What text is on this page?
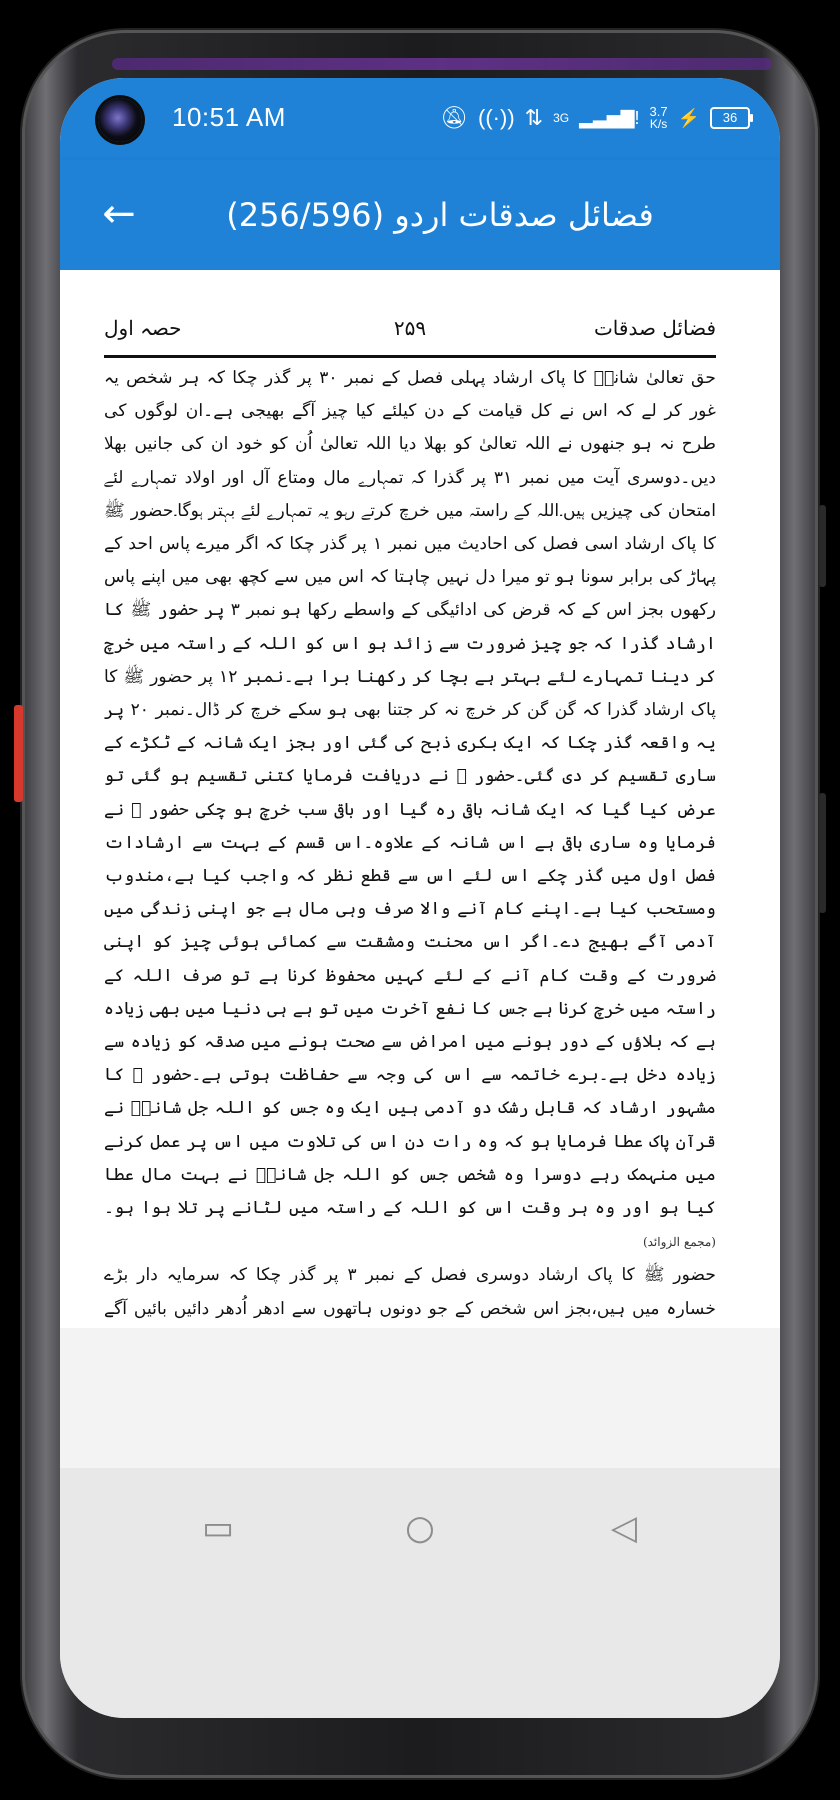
10:51 AM	🔕︎ ((·)) ⇅ 3G ▂▃▅▇! 3.7
K/s ⚡	36
←	فضائل صدقات اردو (256/596)
حصہ اول	۲۵۹	فضائل صدقات

حق تعالیٰ شانہٗ کا پاک ارشاد پہلی فصل کے نمبر ۳۰ پر گذر چکا کہ ہر شخص یہ غور کر لے کہ اس نے کل قیامت کے دن کیلئے کیا چیز آگے بھیجی ہے۔ان لوگوں کی طرح نہ ہو جنھوں نے اللہ تعالیٰ کو بھلا دیا اللہ تعالیٰ اُن کو خود ان کی جانیں بھلا دیں۔دوسری آیت میں نمبر ۳۱ پر گذرا کہ تمہارے مال ومتاع آل اور اولاد تمہارے لئے امتحان کی چیزیں ہیں۔اللہ کے راستہ میں خرچ کرتے رہو یہ تمہارے لئے بہتر ہوگا۔حضور ﷺ کا پاک ارشاد اسی فصل کی احادیث میں نمبر ۱ پر گذر چکا کہ اگر میرے پاس احد کے پہاڑ کی برابر سونا ہو تو میرا دل نہیں چاہتا کہ اس میں سے کچھ بھی میں اپنے پاس رکھوں بجز اس کے کہ قرض کی ادائیگی کے واسطے رکھا ہو نمبر ۳ پر حضور ﷺ کا ارشاد گذرا کہ جو چیز ضرورت سے زائد ہو اس کو اللہ کے راستہ میں خرچ کر دینا تمہارے لئے بہتر ہے بچا کر رکھنا برا ہے۔نمبر ۱۲ پر حضور ﷺ کا پاک ارشاد گذرا کہ گن گن کر خرچ نہ کر جتنا بھی ہو سکے خرچ کر ڈال۔نمبر ۲۰ پر یہ واقعہ گذر چکا کہ ایک بکری ذبح کی گئی اور بجز ایک شانہ کے ٹکڑے کے ساری تقسیم کر دی گئی۔حضور ﷺ نے دریافت فرمایا کتنی تقسیم ہو گئی تو عرض کیا گیا کہ ایک شانہ باقی رہ گیا اور باقی سب خرچ ہو چکی حضور ﷺ نے فرمایا وہ ساری باقی ہے اس شانہ کے علاوہ۔اس قسم کے بہت سے ارشادات فصل اول میں گذر چکے اس لئے اس سے قطع نظر کہ واجب کیا ہے،مندوب ومستحب کیا ہے۔اپنے کام آنے والا صرف وہی مال ہے جو اپنی زندگی میں آدمی آگے بھیج دے۔اگر اس محنت ومشقت سے کمائی ہوئی چیز کو اپنی ضرورت کے وقت کام آنے کے لئے کہیں محفوظ کرنا ہے تو صرف اللہ کے راستہ میں خرچ کرنا ہے جس کا نفع آخرت میں تو ہے ہی دنیا میں بھی زیادہ ہے کہ بلاؤں کے دور ہونے میں امراض سے صحت ہونے میں صدقہ کو زیادہ سے زیادہ دخل ہے۔برے خاتمہ سے اس کی وجہ سے حفاظت ہوتی ہے۔حضور ﷺ کا مشہور ارشاد کہ قابل رشک دو آدمی ہیں ایک وہ جس کو اللہ جل شانہٗ نے قرآن پاک عطا فرمایا ہو کہ وہ رات دن اس کی تلاوت میں اس پر عمل کرنے میں منہمک رہے دوسرا وہ شخص جس کو اللہ جل شانہٗ نے بہت مال عطا کیا ہو اور وہ ہر وقت اس کو اللہ کے راستہ میں لٹانے پر تلا ہوا ہو۔ (مجمع الزوائد)

حضور ﷺ کا پاک ارشاد دوسری فصل کے نمبر ۳ پر گذر چکا کہ سرمایہ دار بڑے خسارہ میں ہیں،بجز اس شخص کے جو دونوں ہاتھوں سے ادھر اُدھر دائیں بائیں آگے

▭	○	◁
